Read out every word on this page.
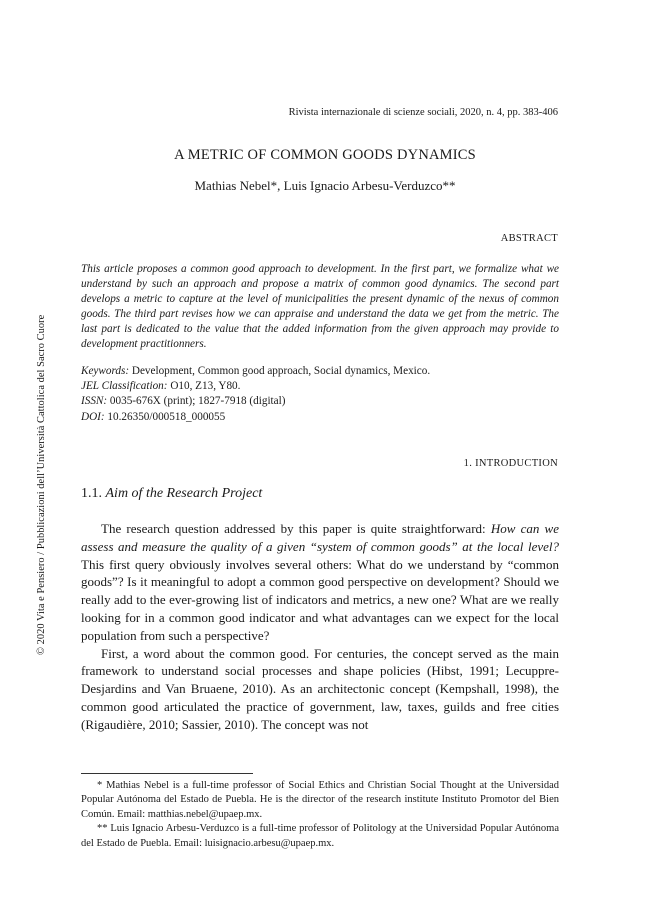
Rivista internazionale di scienze sociali, 2020, n. 4, pp. 383-406
A METRIC OF COMMON GOODS DYNAMICS
Mathias Nebel*, Luis Ignacio Arbesu-Verduzco**
ABSTRACT

This article proposes a common good approach to development. In the first part, we formalize what we understand by such an approach and propose a matrix of common good dynamics. The second part develops a metric to capture at the level of municipalities the present dynamic of the nexus of common goods. The third part revises how we can appraise and understand the data we get from the metric. The last part is dedicated to the value that the added information from the given approach may provide to development practitionners.

Keywords: Development, Common good approach, Social dynamics, Mexico.
JEL Classification: O10, Z13, Y80.
ISSN: 0035-676X (print); 1827-7918 (digital)
DOI: 10.26350/000518_000055
1. INTRODUCTION
1.1. Aim of the Research Project

The research question addressed by this paper is quite straightforward: How can we assess and measure the quality of a given “system of common goods” at the local level? This first query obviously involves several others: What do we understand by “common goods”? Is it meaningful to adopt a common good perspective on development? Should we really add to the ever-growing list of indicators and metrics, a new one? What are we really looking for in a common good indicator and what advantages can we expect for the local population from such a perspective?

First, a word about the common good. For centuries, the concept served as the main framework to understand social processes and shape policies (Hibst, 1991; Lecuppre-Desjardins and Van Bruaene, 2010). As an architectonic concept (Kempshall, 1998), the common good articulated the practice of government, law, taxes, guilds and free cities (Rigaudière, 2010; Sassier, 2010). The concept was not

* Mathias Nebel is a full-time professor of Social Ethics and Christian Social Thought at the Universidad Popular Autónoma del Estado de Puebla. He is the director of the research institute Instituto Promotor del Bien Común. Email: matthias.nebel@upaep.mx.

** Luis Ignacio Arbesu-Verduzco is a full-time professor of Politology at the Universidad Popular Autónoma del Estado de Puebla. Email: luisignacio.arbesu@upaep.mx.

© 2020 Vita e Pensiero / Pubblicazioni dell’Università Cattolica del Sacro Cuore
